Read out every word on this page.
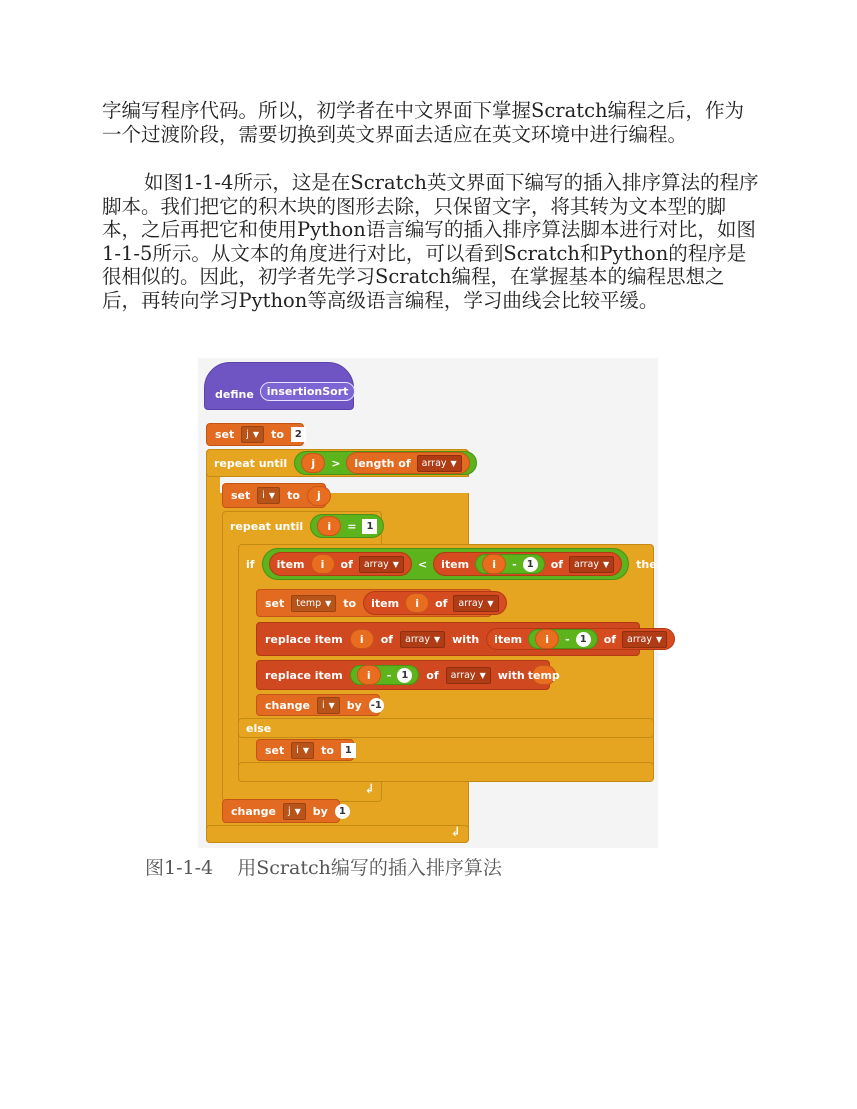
字编写程序代码。所以，初学者在中文界面下掌握Scratch编程之后，作为一个过渡阶段，需要切换到英文界面去适应在英文环境中进行编程。

如图1-1-4所示，这是在Scratch英文界面下编写的插入排序算法的程序脚本。我们把它的积木块的图形去除，只保留文字，将其转为文本型的脚本，之后再把它和使用Python语言编写的插入排序算法脚本进行对比，如图1-1-5所示。从文本的角度进行对比，可以看到Scratch和Python的程序是很相似的。因此，初学者先学习Scratch编程，在掌握基本的编程思想之后，再转向学习Python等高级语言编程，学习曲线会比较平缓。

define	insertionSort
set j ▼ to	2
repeat until	j	> length of array ▼
set i ▼ to	j
repeat until	i	=	1
if item	i	of array ▼ < item	i	-	1	of array ▼ then
set temp ▼ to item	i	of array ▼
replace item	i	of array ▼ with item	i	-	1	of array ▼
replace item	i	-	1	of array ▼ with temp
change i ▼ by -1
else
set i ▼ to	1
↲
change j ▼ by	1
↲
图1-1-4    用Scratch编写的插入排序算法
